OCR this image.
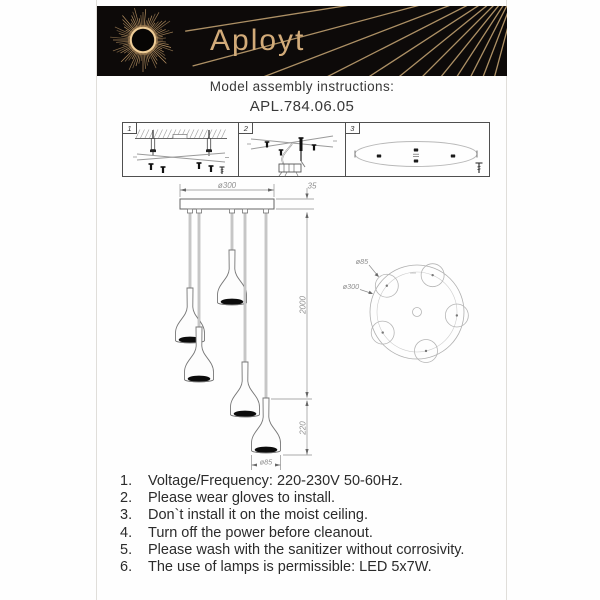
Aployt
Model assembly instructions:
APL.784.06.05
1	2	3
ø300	35
2000
220
ø85
ø85
ø300
1.	Voltage/Frequency: 220-230V 50-60Hz.
2.	Please wear gloves to install.
3.	Don`t install it on the moist ceiling.
4.	Turn off the power before cleanout.
5.	Please wash with the sanitizer without corrosivity.
6.	The use of lamps is permissible: LED 5x7W.
